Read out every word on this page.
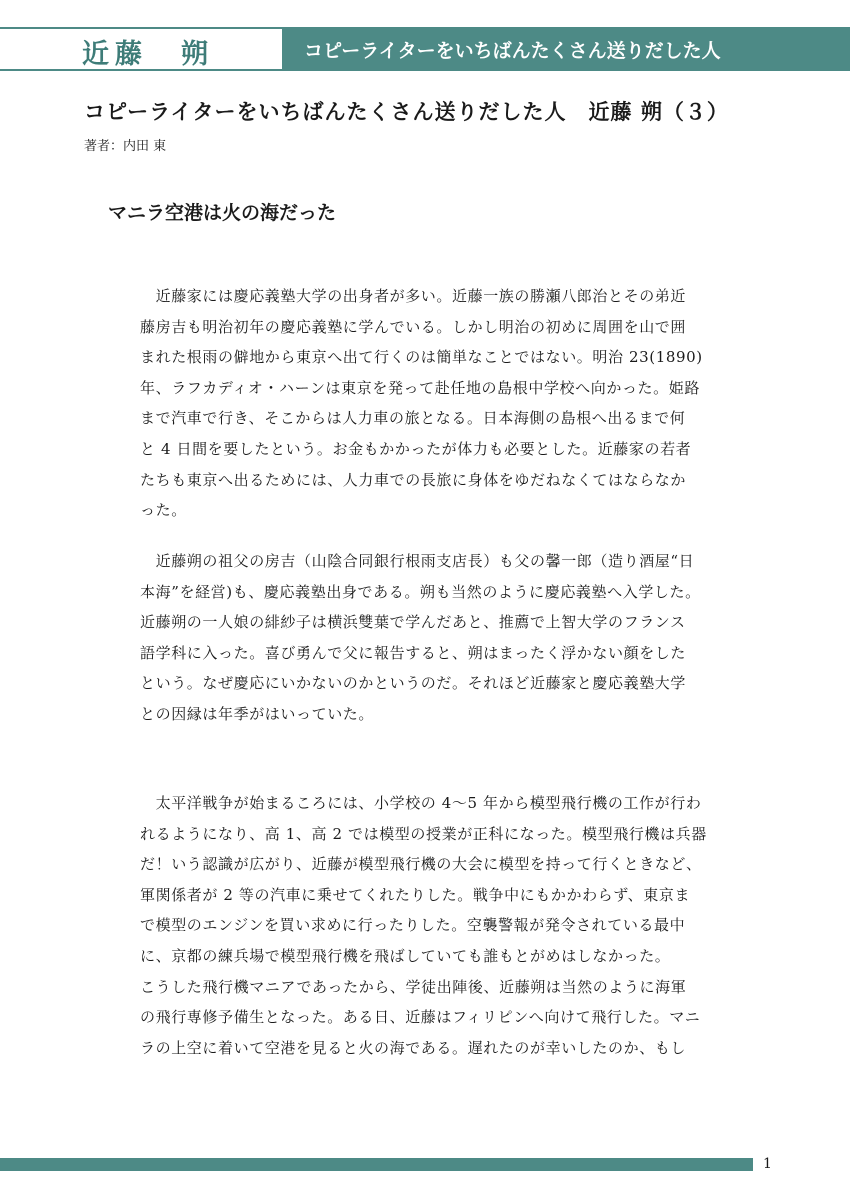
近藤　朔	コピーライターをいちばんたくさん送りだした人
コピーライターをいちばんたくさん送りだした人　近藤 朔（３）
著者：内田 東
マニラ空港は火の海だった
　近藤家には慶応義塾大学の出身者が多い。近藤一族の勝瀬八郎治とその弟近
藤房吉も明治初年の慶応義塾に学んでいる。しかし明治の初めに周囲を山で囲
まれた根雨の僻地から東京へ出て行くのは簡単なことではない。明治 23(1890)
年、ラフカディオ・ハーンは東京を発って赴任地の島根中学校へ向かった。姫路
まで汽車で行き、そこからは人力車の旅となる。日本海側の島根へ出るまで何
と 4 日間を要したという。お金もかかったが体力も必要とした。近藤家の若者
たちも東京へ出るためには、人力車での長旅に身体をゆだねなくてはならなか
った。
　近藤朔の祖父の房吉（山陰合同銀行根雨支店長）も父の馨一郎（造り酒屋“日
本海”を経営)も、慶応義塾出身である。朔も当然のように慶応義塾へ入学した。
近藤朔の一人娘の緋紗子は横浜雙葉で学んだあと、推薦で上智大学のフランス
語学科に入った。喜び勇んで父に報告すると、朔はまったく浮かない顔をした
という。なぜ慶応にいかないのかというのだ。それほど近藤家と慶応義塾大学
との因縁は年季がはいっていた。
　太平洋戦争が始まるころには、小学校の 4～5 年から模型飛行機の工作が行わ
れるようになり、高 1、高 2 では模型の授業が正科になった。模型飛行機は兵器
だ！いう認識が広がり、近藤が模型飛行機の大会に模型を持って行くときなど、
軍関係者が 2 等の汽車に乗せてくれたりした。戦争中にもかかわらず、東京ま
で模型のエンジンを買い求めに行ったりした。空襲警報が発令されている最中
に、京都の練兵場で模型飛行機を飛ばしていても誰もとがめはしなかった。
こうした飛行機マニアであったから、学徒出陣後、近藤朔は当然のように海軍
の飛行専修予備生となった。ある日、近藤はフィリピンへ向けて飛行した。マニ
ラの上空に着いて空港を見ると火の海である。遅れたのが幸いしたのか、もし
1
